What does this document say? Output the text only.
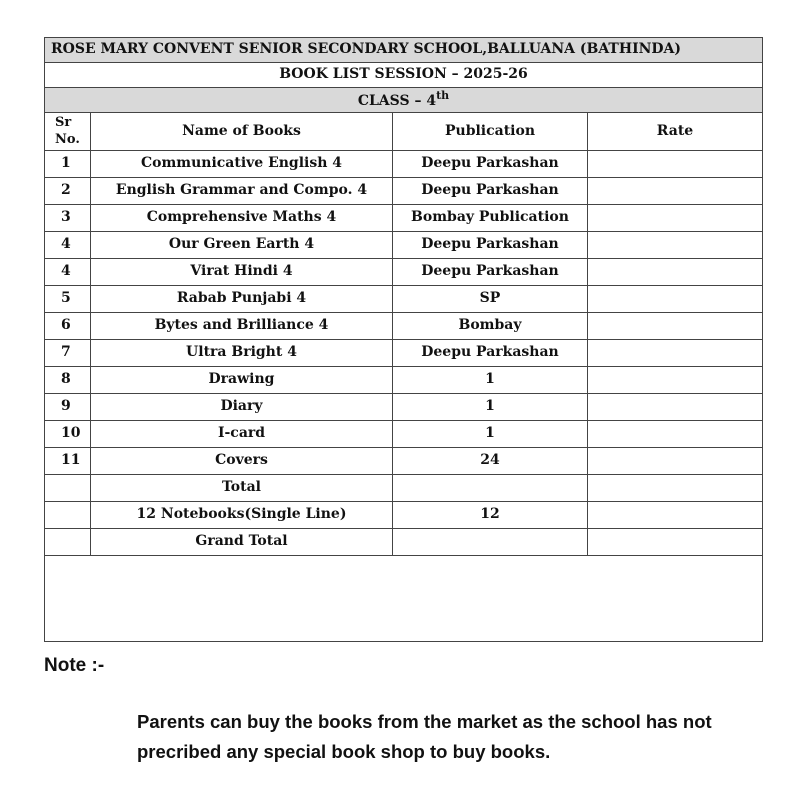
ROSE MARY CONVENT SENIOR SECONDARY SCHOOL,BALLUANA (BATHINDA)			
BOOK LIST SESSION – 2025-26			
CLASS – 4th
Sr
No.	Name of Books	Publication	Rate
1	Communicative English 4	Deepu Parkashan	
2	English Grammar and Compo. 4	Deepu Parkashan	
3	Comprehensive Maths 4	Bombay Publication	
4	Our Green Earth 4	Deepu Parkashan	
4	Virat Hindi 4	Deepu Parkashan	
5	Rabab Punjabi 4	SP	
6	Bytes and Brilliance 4	Bombay	
7	Ultra Bright 4	Deepu Parkashan	
8	Drawing	1	
9	Diary	1	
10	I-card	1	
11	Covers	24	
	Total		
	12 Notebooks(Single Line)	12	
	Grand Total		

Note :-

Parents can buy the books from the market as the school has not precribed any special book shop to buy books.
